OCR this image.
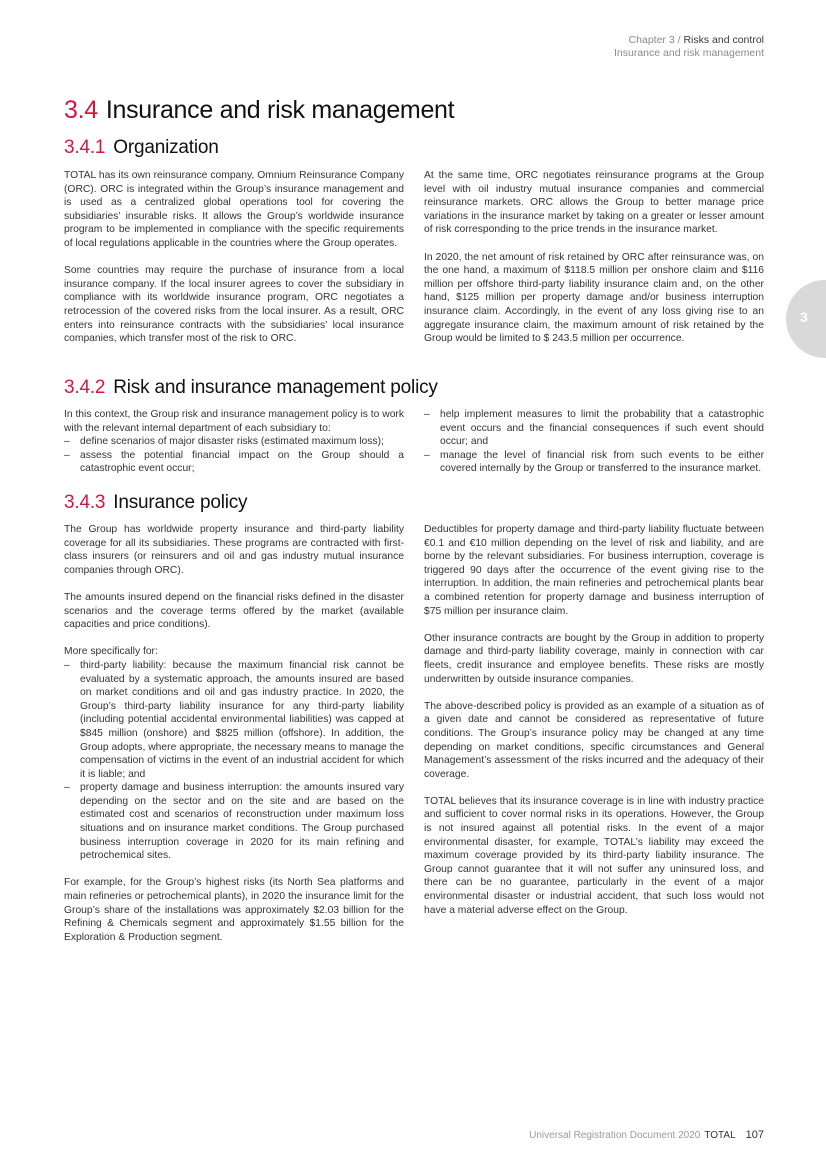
Chapter 3 / Risks and control
Insurance and risk management
3
3.4 Insurance and risk management
3.4.1 Organization

TOTAL has its own reinsurance company, Omnium Reinsurance Company (ORC). ORC is integrated within the Group’s insurance management and is used as a centralized global operations tool for covering the subsidiaries’ insurable risks. It allows the Group’s worldwide insurance program to be implemented in compliance with the specific requirements of local regulations applicable in the countries where the Group operates.

Some countries may require the purchase of insurance from a local insurance company. If the local insurer agrees to cover the subsidiary in compliance with its worldwide insurance program, ORC negotiates a retrocession of the covered risks from the local insurer. As a result, ORC enters into reinsurance contracts with the subsidiaries’ local insurance companies, which transfer most of the risk to ORC.

At the same time, ORC negotiates reinsurance programs at the Group level with oil industry mutual insurance companies and commercial reinsurance markets. ORC allows the Group to better manage price variations in the insurance market by taking on a greater or lesser amount of risk corresponding to the price trends in the insurance market.

In 2020, the net amount of risk retained by ORC after reinsurance was, on the one hand, a maximum of $118.5 million per onshore claim and $116 million per offshore third-party liability insurance claim and, on the other hand, $125 million per property damage and/or business interruption insurance claim. Accordingly, in the event of any loss giving rise to an aggregate insurance claim, the maximum amount of risk retained by the Group would be limited to $ 243.5 million per occurrence.

3.4.2 Risk and insurance management policy

In this context, the Group risk and insurance management policy is to work with the relevant internal department of each subsidiary to:

– define scenarios of major disaster risks (estimated maximum loss);
– assess the potential financial impact on the Group should a catastrophic event occur;
– help implement measures to limit the probability that a catastrophic event occurs and the financial consequences if such event should occur; and
– manage the level of financial risk from such events to be either covered internally by the Group or transferred to the insurance market.
3.4.3 Insurance policy

The Group has worldwide property insurance and third-party liability coverage for all its subsidiaries. These programs are contracted with first-class insurers (or reinsurers and oil and gas industry mutual insurance companies through ORC).

The amounts insured depend on the financial risks defined in the disaster scenarios and the coverage terms offered by the market (available capacities and price conditions).

More specifically for:

– third-party liability: because the maximum financial risk cannot be evaluated by a systematic approach, the amounts insured are based on market conditions and oil and gas industry practice. In 2020, the Group’s third-party liability insurance for any third-party liability (including potential accidental environmental liabilities) was capped at $845 million (onshore) and $825 million (offshore). In addition, the Group adopts, where appropriate, the necessary means to manage the compensation of victims in the event of an industrial accident for which it is liable; and
– property damage and business interruption: the amounts insured vary depending on the sector and on the site and are based on the estimated cost and scenarios of reconstruction under maximum loss situations and on insurance market conditions. The Group purchased business interruption coverage in 2020 for its main refining and petrochemical sites.

For example, for the Group’s highest risks (its North Sea platforms and main refineries or petrochemical plants), in 2020 the insurance limit for the Group’s share of the installations was approximately $2.03 billion for the Refining & Chemicals segment and approximately $1.55 billion for the Exploration & Production segment.

Deductibles for property damage and third-party liability fluctuate between €0.1 and €10 million depending on the level of risk and liability, and are borne by the relevant subsidiaries. For business interruption, coverage is triggered 90 days after the occurrence of the event giving rise to the interruption. In addition, the main refineries and petrochemical plants bear a combined retention for property damage and business interruption of $75 million per insurance claim.

Other insurance contracts are bought by the Group in addition to property damage and third-party liability coverage, mainly in connection with car fleets, credit insurance and employee benefits. These risks are mostly underwritten by outside insurance companies.

The above-described policy is provided as an example of a situation as of a given date and cannot be considered as representative of future conditions. The Group’s insurance policy may be changed at any time depending on market conditions, specific circumstances and General Management’s assessment of the risks incurred and the adequacy of their coverage.

TOTAL believes that its insurance coverage is in line with industry practice and sufficient to cover normal risks in its operations. However, the Group is not insured against all potential risks. In the event of a major environmental disaster, for example, TOTAL’s liability may exceed the maximum coverage provided by its third-party liability insurance. The Group cannot guarantee that it will not suffer any uninsured loss, and there can be no guarantee, particularly in the event of a major environmental disaster or industrial accident, that such loss would not have a material adverse effect on the Group.

Universal Registration Document 2020 TOTAL 107
